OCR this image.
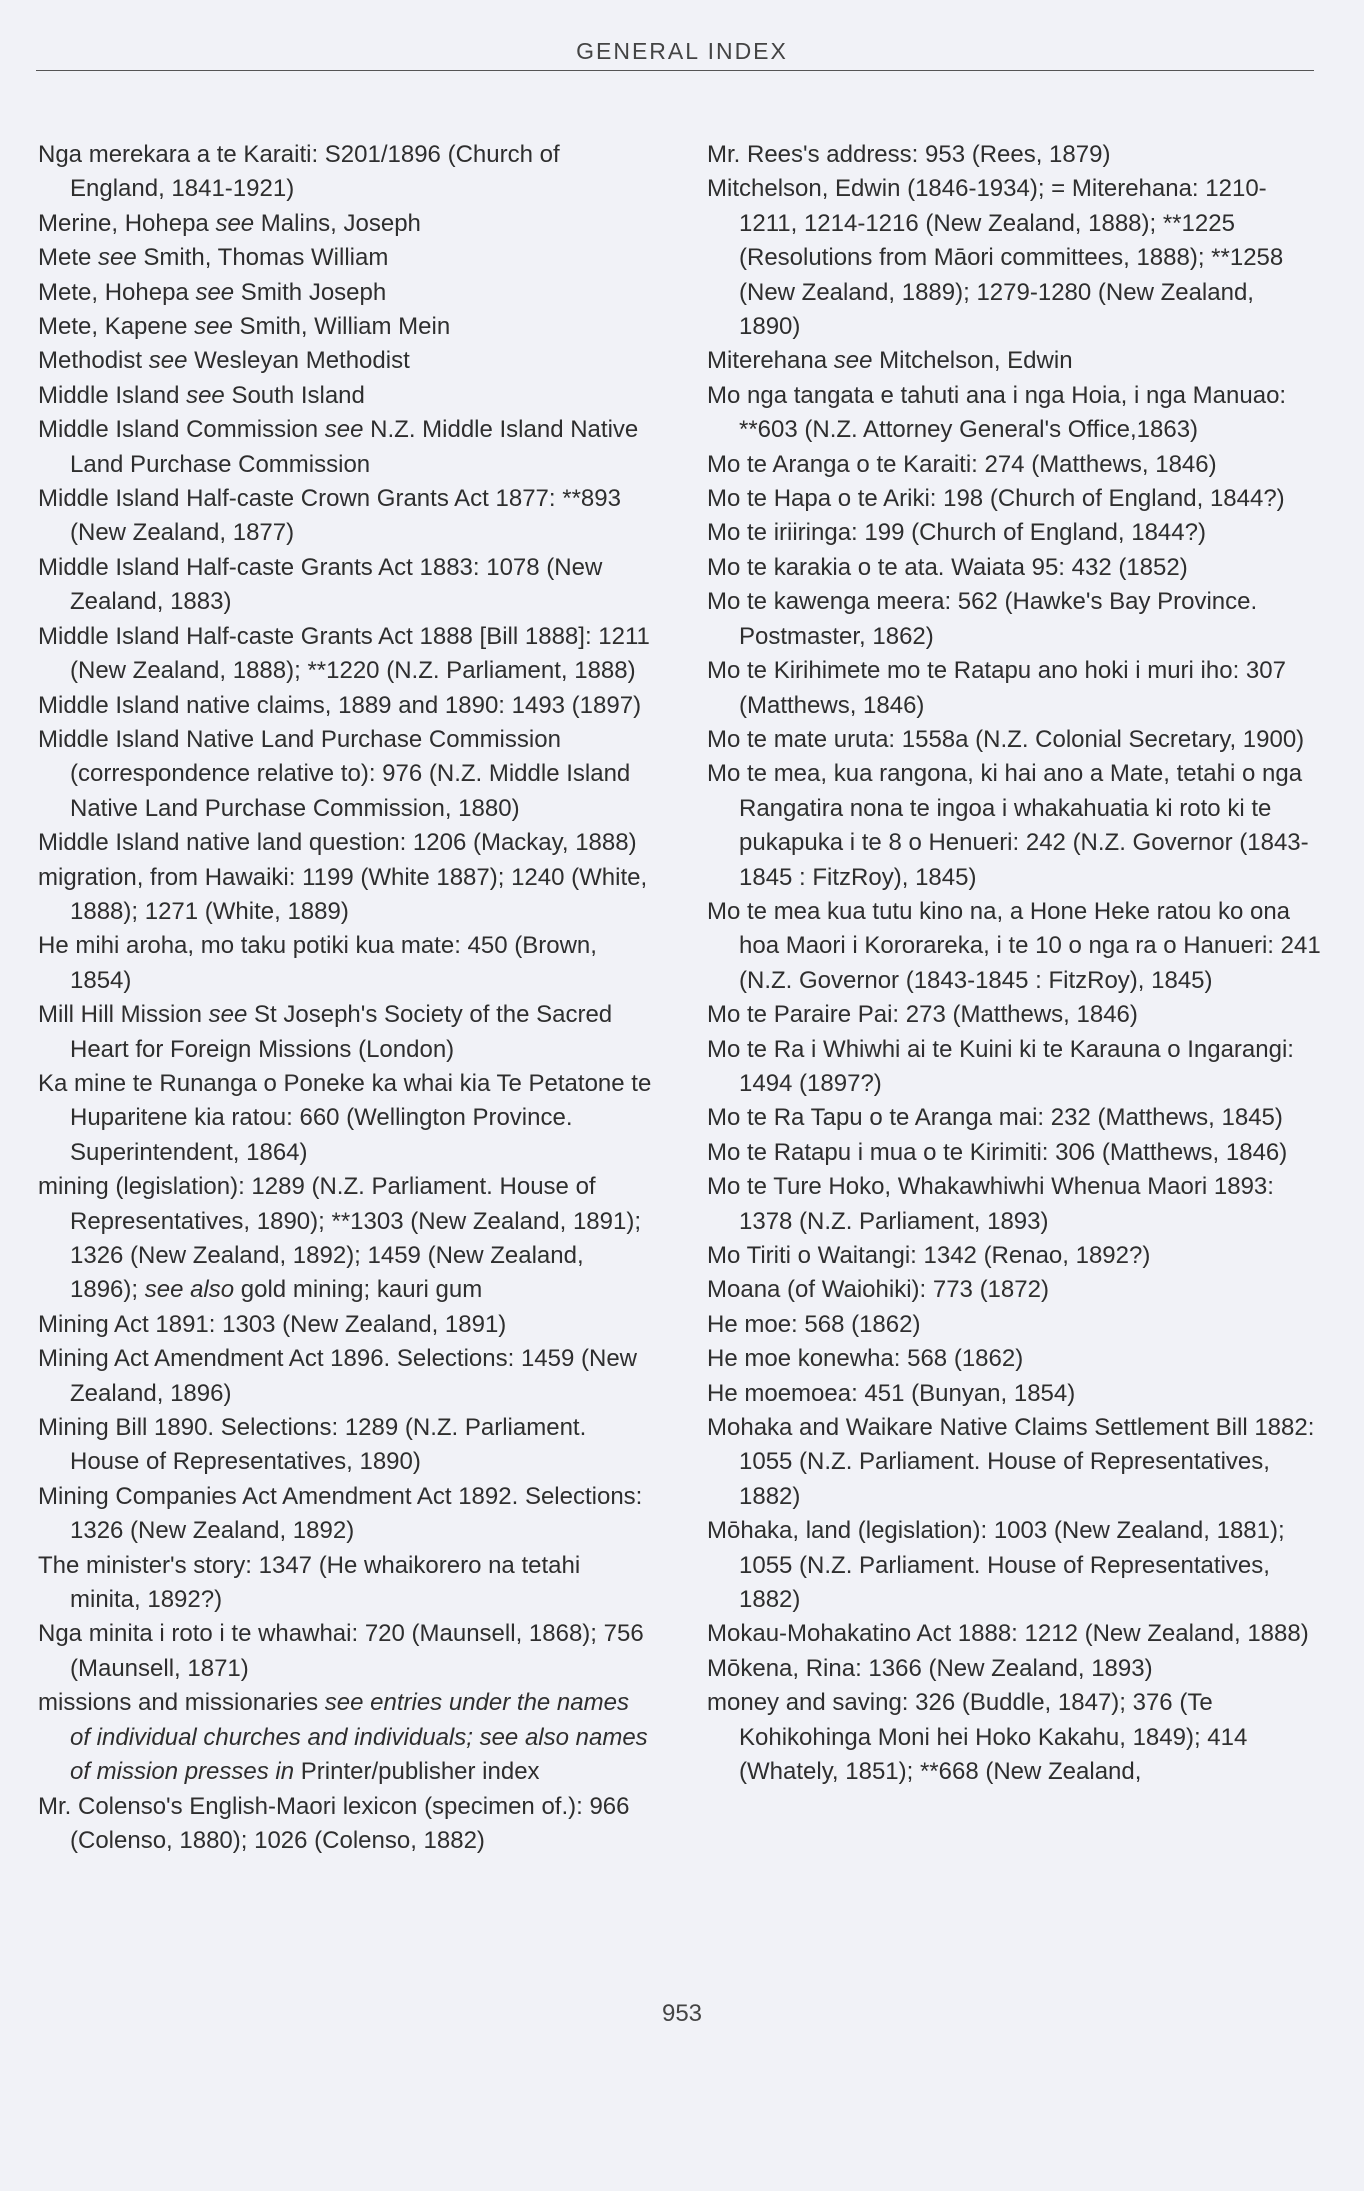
GENERAL INDEX
Nga merekara a te Karaiti: S201/1896 (Church of England, 1841-1921)
Merine, Hohepa see Malins, Joseph
Mete see Smith, Thomas William
Mete, Hohepa see Smith Joseph
Mete, Kapene see Smith, William Mein
Methodist see Wesleyan Methodist
Middle Island see South Island
Middle Island Commission see N.Z. Middle Island Native Land Purchase Commission
Middle Island Half-caste Crown Grants Act 1877: **893 (New Zealand, 1877)
Middle Island Half-caste Grants Act 1883: 1078 (New Zealand, 1883)
Middle Island Half-caste Grants Act 1888 [Bill 1888]: 1211 (New Zealand, 1888); **1220 (N.Z. Parliament, 1888)
Middle Island native claims, 1889 and 1890: 1493 (1897)
Middle Island Native Land Purchase Commission (correspondence relative to): 976 (N.Z. Middle Island Native Land Purchase Commission, 1880)
Middle Island native land question: 1206 (Mackay, 1888)
migration, from Hawaiki: 1199 (White 1887); 1240 (White, 1888); 1271 (White, 1889)
He mihi aroha, mo taku potiki kua mate: 450 (Brown, 1854)
Mill Hill Mission see St Joseph's Society of the Sacred Heart for Foreign Missions (London)
Ka mine te Runanga o Poneke ka whai kia Te Petatone te Huparitene kia ratou: 660 (Wellington Province. Superintendent, 1864)
mining (legislation): 1289 (N.Z. Parliament. House of Representatives, 1890); **1303 (New Zealand, 1891); 1326 (New Zealand, 1892); 1459 (New Zealand, 1896); see also gold mining; kauri gum
Mining Act 1891: 1303 (New Zealand, 1891)
Mining Act Amendment Act 1896. Selections: 1459 (New Zealand, 1896)
Mining Bill 1890. Selections: 1289 (N.Z. Parliament. House of Representatives, 1890)
Mining Companies Act Amendment Act 1892. Selections: 1326 (New Zealand, 1892)
The minister's story: 1347 (He whaikorero na tetahi minita, 1892?)
Nga minita i roto i te whawhai: 720 (Maunsell, 1868); 756 (Maunsell, 1871)
missions and missionaries see entries under the names of individual churches and individuals; see also names of mission presses in Printer/publisher index
Mr. Colenso's English-Maori lexicon (specimen of.): 966 (Colenso, 1880); 1026 (Colenso, 1882)
Mr. Rees's address: 953 (Rees, 1879)
Mitchelson, Edwin (1846-1934); = Miterehana: 1210-1211, 1214-1216 (New Zealand, 1888); **1225 (Resolutions from Māori committees, 1888); **1258 (New Zealand, 1889); 1279-1280 (New Zealand, 1890)
Miterehana see Mitchelson, Edwin
Mo nga tangata e tahuti ana i nga Hoia, i nga Manuao: **603 (N.Z. Attorney General's Office,1863)
Mo te Aranga o te Karaiti: 274 (Matthews, 1846)
Mo te Hapa o te Ariki: 198 (Church of England, 1844?)
Mo te iriiringa: 199 (Church of England, 1844?)
Mo te karakia o te ata. Waiata 95: 432 (1852)
Mo te kawenga meera: 562 (Hawke's Bay Province. Postmaster, 1862)
Mo te Kirihimete mo te Ratapu ano hoki i muri iho: 307 (Matthews, 1846)
Mo te mate uruta: 1558a (N.Z. Colonial Secretary, 1900)
Mo te mea, kua rangona, ki hai ano a Mate, tetahi o nga Rangatira nona te ingoa i whakahuatia ki roto ki te pukapuka i te 8 o Henueri: 242 (N.Z. Governor (1843-1845 : FitzRoy), 1845)
Mo te mea kua tutu kino na, a Hone Heke ratou ko ona hoa Maori i Kororareka, i te 10 o nga ra o Hanueri: 241 (N.Z. Governor (1843-1845 : FitzRoy), 1845)
Mo te Paraire Pai: 273 (Matthews, 1846)
Mo te Ra i Whiwhi ai te Kuini ki te Karauna o Ingarangi: 1494 (1897?)
Mo te Ra Tapu o te Aranga mai: 232 (Matthews, 1845)
Mo te Ratapu i mua o te Kirimiti: 306 (Matthews, 1846)
Mo te Ture Hoko, Whakawhiwhi Whenua Maori 1893: 1378 (N.Z. Parliament, 1893)
Mo Tiriti o Waitangi: 1342 (Renao, 1892?)
Moana (of Waiohiki): 773 (1872)
He moe: 568 (1862)
He moe konewha: 568 (1862)
He moemoea: 451 (Bunyan, 1854)
Mohaka and Waikare Native Claims Settlement Bill 1882: 1055 (N.Z. Parliament. House of Representatives, 1882)
Mōhaka, land (legislation): 1003 (New Zealand, 1881); 1055 (N.Z. Parliament. House of Representatives, 1882)
Mokau-Mohakatino Act 1888: 1212 (New Zealand, 1888)
Mōkena, Rina: 1366 (New Zealand, 1893)
money and saving: 326 (Buddle, 1847); 376 (Te Kohikohinga Moni hei Hoko Kakahu, 1849); 414 (Whately, 1851); **668 (New Zealand,
953
